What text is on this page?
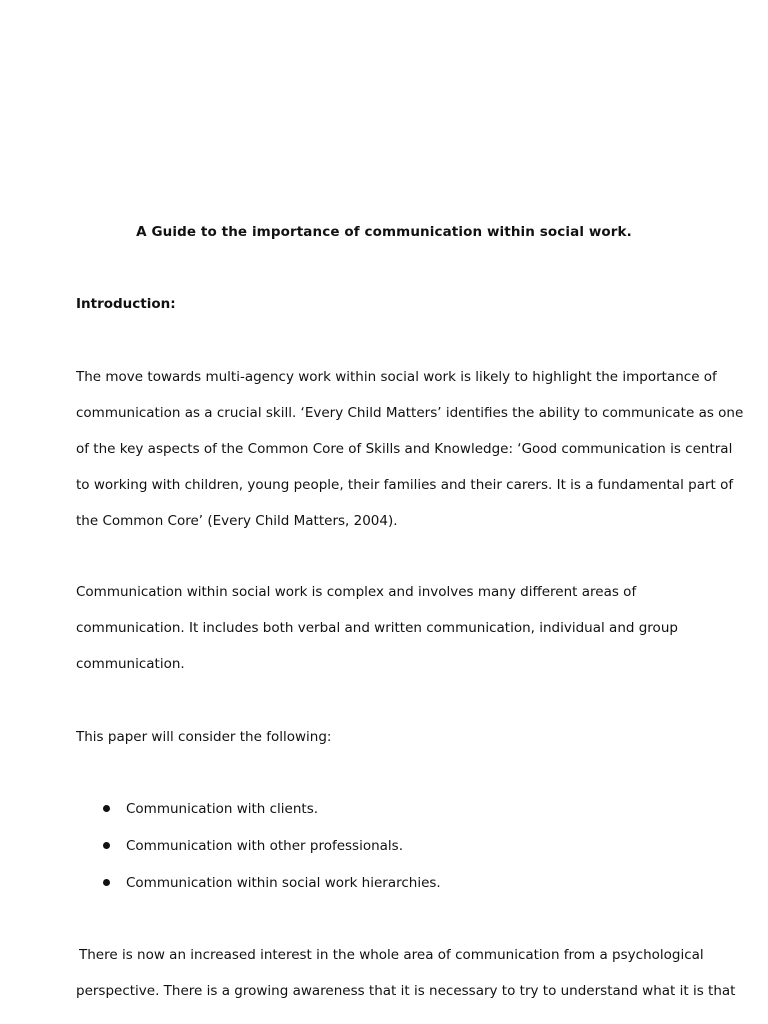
A Guide to the importance of communication within social work.
Introduction:
The move towards multi-agency work within social work is likely to highlight the importance of
communication as a crucial skill. ‘Every Child Matters’ identifies the ability to communicate as one
of the key aspects of the Common Core of Skills and Knowledge: ‘Good communication is central
to working with children, young people, their families and their carers. It is a fundamental part of
the Common Core’ (Every Child Matters, 2004).
Communication within social work is complex and involves many different areas of
communication. It includes both verbal and written communication, individual and group
communication.
This paper will consider the following:
Communication with clients.
Communication with other professionals.
Communication within social work hierarchies.
There is now an increased interest in the whole area of communication from a psychological
perspective. There is a growing awareness that it is necessary to try to understand what it is that
